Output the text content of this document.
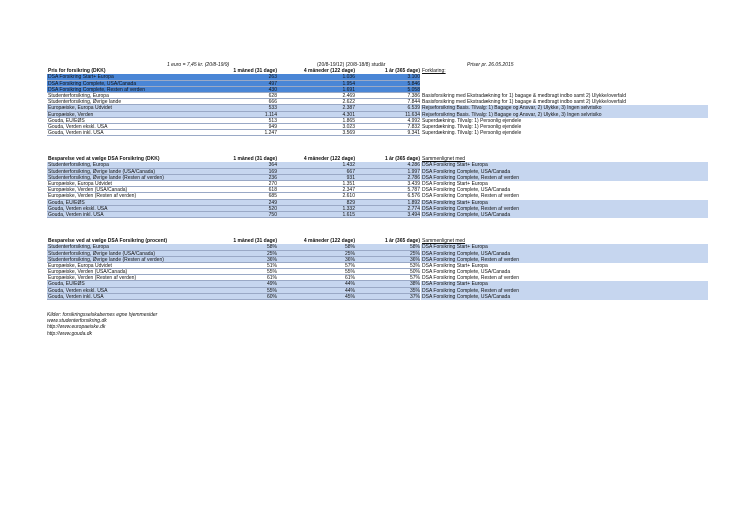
1 euro = 7,45 kr. (20/8-19/9)	(20/8-19/12) (20/8-18/8) studår	Priser pr. 26.05.2015
Pris for forsikring (DKK)	1 måned (31 dage)	4 måneder (122 dage)	1 år (365 dage) Forklaring:
DSA Forsikring Start+ Europa	263	1.036	3.100
DSA Forsikring Complete, USA/Canada	497	1.954	5.846
DSA Forsikring Complete, Resten af verden	430	1.691	5.058
Studenterforsikring, Europa	628	2.469	7.386 Basisforsikring med Ekstradækning for 1) bagage & medbragt indbo samt 2) Ulykke/overfald
Studenterforsikring, Øvrige lande	666	2.622	7.844 Basisforsikring med Ekstradækning for 1) bagage & medbragt indbo samt 2) Ulykke/overfald
Europæiske, Europa Udvidet	533	2.387	6.539 Rejseforsikring Basis. Tilvalg: 1) Bagage og Ansvar, 2) Ulykke, 3) Ingen selvrisiko
Europæiske, Verden	1.114	4.301	11.634 Rejseforsikring Basis. Tilvalg: 1) Bagage og Ansvar, 2) Ulykke, 3) Ingen selvrisiko
Gouda, EU/EØS	513	1.865	4.992 Superdækning. Tilvalg: 1) Personlig ejendele
Gouda, Verden ekskl. USA	949	3.023	7.832 Superdækning. Tilvalg: 1) Personlig ejendele
Gouda, Verden inkl. USA	1.247	3.569	9.341 Superdækning. Tilvalg: 1) Personlig ejendele
Besparelse ved at vælge DSA Forsikring (DKK)	1 måned (31 dage)	4 måneder (122 dage)	1 år (365 dage) Sammenlignet med
Studenterforsikring, Europa	364	1.432	4.286 DSA Forsikring Start+ Europa
Studenterforsikring, Øvrige lande (USA/Canada)	169	667	1.997 DSA Forsikring Complete, USA/Canada
Studenterforsikring, Øvrige lande (Resten af verden)	236	931	2.786 DSA Forsikring Complete, Resten af verden
Europæiske, Europa Udvidet	270	1.351	3.439 DSA Forsikring Start+ Europa
Europæiske, Verden (USA/Canada)	618	2.347	5.787 DSA Forsikring Complete, USA/Canada
Europæiske, Verden (Resten af verden)	685	2.610	6.576 DSA Forsikring Complete, Resten af verden
Gouda, EU/EØS	249	829	1.892 DSA Forsikring Start+ Europa
Gouda, Verden ekskl. USA	520	1.332	2.774 DSA Forsikring Complete, Resten af verden
Gouda, Verden inkl. USA	750	1.615	3.494 DSA Forsikring Complete, USA/Canada
Besparelse ved at vælge DSA Forsikring (procent)	1 måned (31 dage)	4 måneder (122 dage)	1 år (365 dage) Sammenlignet med
Studenterforsikring, Europa	58%	58%	58% DSA Forsikring Start+ Europa
Studenterforsikring, Øvrige lande (USA/Canada)	25%	25%	25% DSA Forsikring Complete, USA/Canada
Studenterforsikring, Øvrige lande (Resten af verden)	36%	36%	36% DSA Forsikring Complete, Resten af verden
Europæiske, Europa Udvidet	51%	57%	53% DSA Forsikring Start+ Europa
Europæiske, Verden (USA/Canada)	55%	55%	50% DSA Forsikring Complete, USA/Canada
Europæiske, Verden (Resten af verden)	61%	61%	57% DSA Forsikring Complete, Resten af verden
Gouda, EU/EØS	49%	44%	38% DSA Forsikring Start+ Europa
Gouda, Verden ekskl. USA	55%	44%	35% DSA Forsikring Complete, Resten af verden
Gouda, Verden inkl. USA	60%	45%	37% DSA Forsikring Complete, USA/Canada
Kilder: forsikringsselskabernes egne hjemmesider
www.studenterforsikring.dk
http://www.europaeiske.dk
http://www.gouda.dk
